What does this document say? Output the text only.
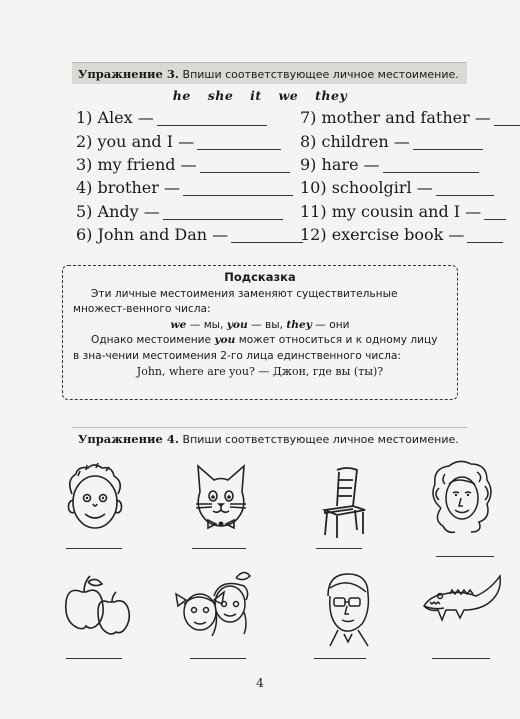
Упражнение 3. Впиши соответствующее личное местоимение.
he she it we they
1) Alex —
2) you and I —
3) my friend —
4) brother —
5) Andy —
6) John and Dan —
7) mother and father —
8) children —
9) hare —
10) schoolgirl —
11) my cousin and I —
12) exercise book —
Подсказка

Эти личные местоимения заменяют существительные множест-венного числа:

we — мы, you — вы, they — они

Однако местоимение you может относиться и к одному лицу в зна-чении местоимения 2-го лица единственного числа:

John, where are you? — Джон, где вы (ты)?

Упражнение 4. Впиши соответствующее личное местоимение.
4
